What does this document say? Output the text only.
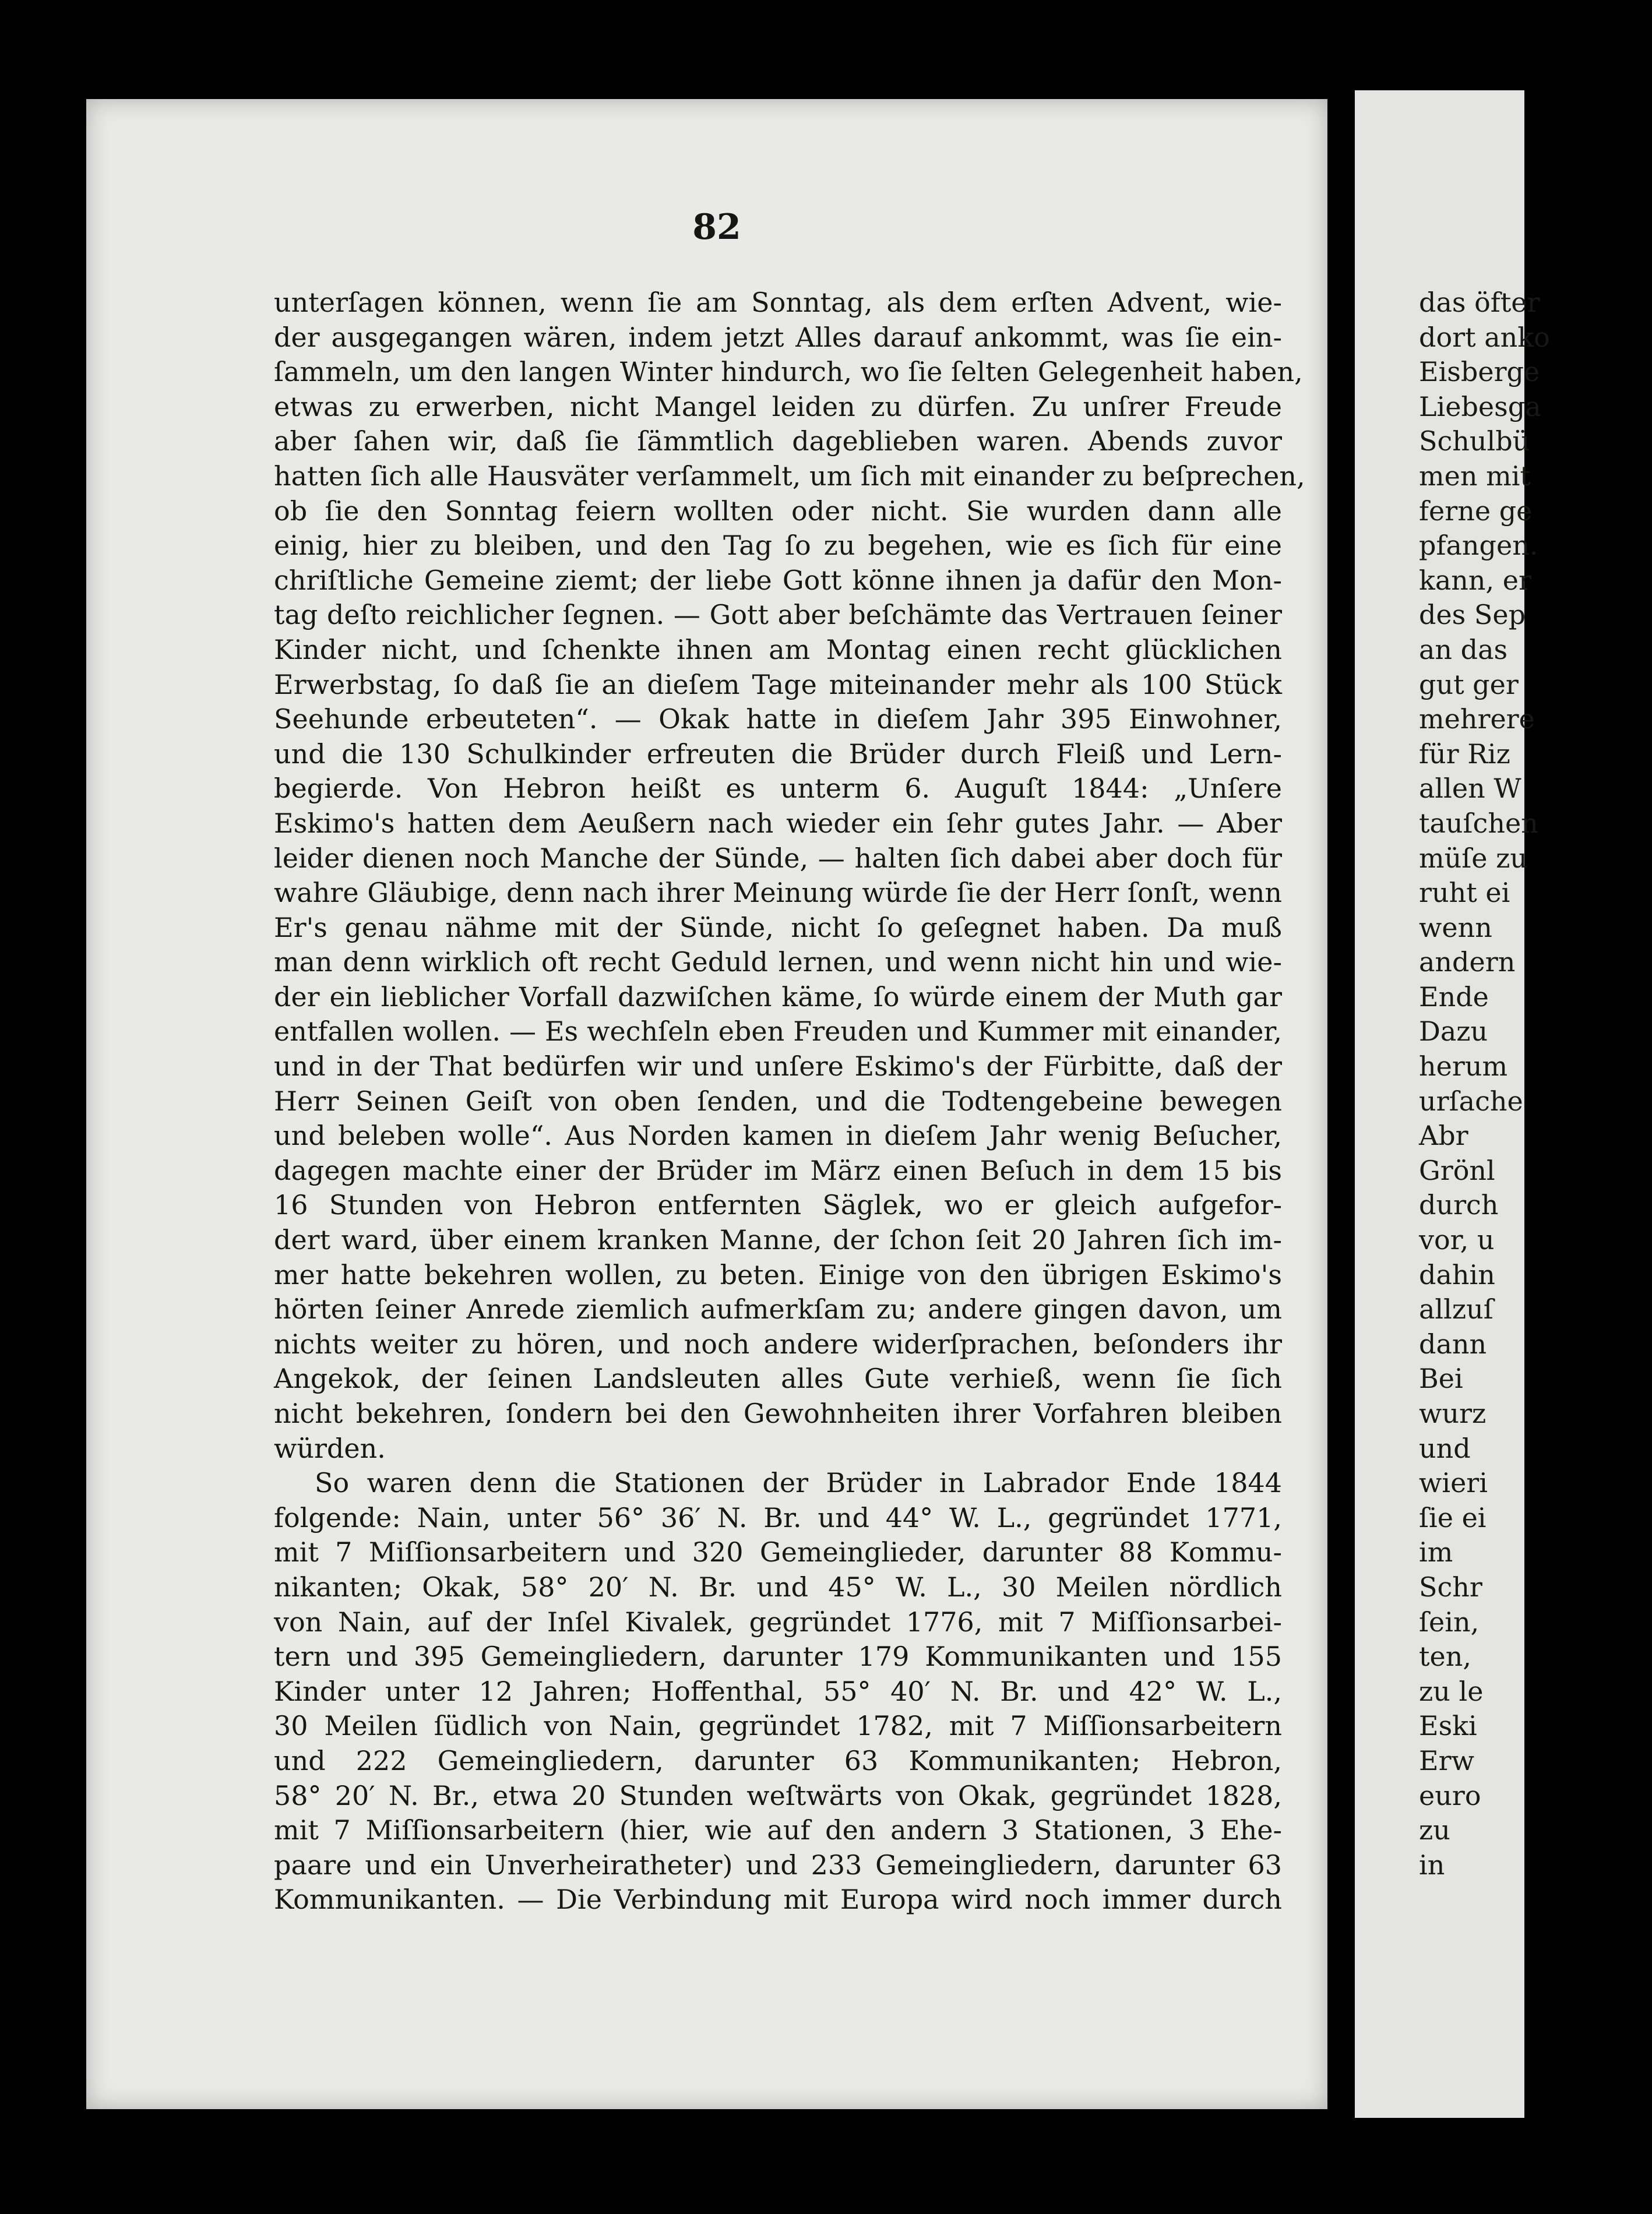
82
unterſagen können, wenn ſie am Sonntag, als dem erſten Advent, wie-
der ausgegangen wären, indem jetzt Alles darauf ankommt, was ſie ein-
ſammeln, um den langen Winter hindurch, wo ſie ſelten Gelegenheit haben,
etwas zu erwerben, nicht Mangel leiden zu dürfen. Zu unſrer Freude
aber ſahen wir, daß ſie ſämmtlich dageblieben waren. Abends zuvor
hatten ſich alle Hausväter verſammelt, um ſich mit einander zu beſprechen,
ob ſie den Sonntag feiern wollten oder nicht. Sie wurden dann alle
einig, hier zu bleiben, und den Tag ſo zu begehen, wie es ſich für eine
chriſtliche Gemeine ziemt; der liebe Gott könne ihnen ja dafür den Mon-
tag deſto reichlicher ſegnen. — Gott aber beſchämte das Vertrauen ſeiner
Kinder nicht, und ſchenkte ihnen am Montag einen recht glücklichen
Erwerbstag, ſo daß ſie an dieſem Tage miteinander mehr als 100 Stück
Seehunde erbeuteten“. — Okak hatte in dieſem Jahr 395 Einwohner,
und die 130 Schulkinder erfreuten die Brüder durch Fleiß und Lern-
begierde. Von Hebron heißt es unterm 6. Auguſt 1844: „Unſere
Eskimo's hatten dem Aeußern nach wieder ein ſehr gutes Jahr. — Aber
leider dienen noch Manche der Sünde, — halten ſich dabei aber doch für
wahre Gläubige, denn nach ihrer Meinung würde ſie der Herr ſonſt, wenn
Er's genau nähme mit der Sünde, nicht ſo geſegnet haben. Da muß
man denn wirklich oft recht Geduld lernen, und wenn nicht hin und wie-
der ein lieblicher Vorfall dazwiſchen käme, ſo würde einem der Muth gar
entfallen wollen. — Es wechſeln eben Freuden und Kummer mit einander,
und in der That bedürfen wir und unſere Eskimo's der Fürbitte, daß der
Herr Seinen Geiſt von oben ſenden, und die Todtengebeine bewegen
und beleben wolle“. Aus Norden kamen in dieſem Jahr wenig Beſucher,
dagegen machte einer der Brüder im März einen Beſuch in dem 15 bis
16 Stunden von Hebron entfernten Säglek, wo er gleich aufgefor-
dert ward, über einem kranken Manne, der ſchon ſeit 20 Jahren ſich im-
mer hatte bekehren wollen, zu beten. Einige von den übrigen Eskimo's
hörten ſeiner Anrede ziemlich aufmerkſam zu; andere gingen davon, um
nichts weiter zu hören, und noch andere widerſprachen, beſonders ihr
Angekok, der ſeinen Landsleuten alles Gute verhieß, wenn ſie ſich
nicht bekehren, ſondern bei den Gewohnheiten ihrer Vorfahren bleiben
würden.
So waren denn die Stationen der Brüder in Labrador Ende 1844
folgende: Nain, unter 56° 36′ N. Br. und 44° W. L., gegründet 1771,
mit 7 Miſſionsarbeitern und 320 Gemeinglieder, darunter 88 Kommu-
nikanten; Okak, 58° 20′ N. Br. und 45° W. L., 30 Meilen nördlich
von Nain, auf der Inſel Kivalek, gegründet 1776, mit 7 Miſſionsarbei-
tern und 395 Gemeingliedern, darunter 179 Kommunikanten und 155
Kinder unter 12 Jahren; Hoffenthal, 55° 40′ N. Br. und 42° W. L.,
30 Meilen ſüdlich von Nain, gegründet 1782, mit 7 Miſſionsarbeitern
und 222 Gemeingliedern, darunter 63 Kommunikanten; Hebron,
58° 20′ N. Br., etwa 20 Stunden weſtwärts von Okak, gegründet 1828,
mit 7 Miſſionsarbeitern (hier, wie auf den andern 3 Stationen, 3 Ehe-
paare und ein Unverheiratheter) und 233 Gemeingliedern, darunter 63
Kommunikanten. — Die Verbindung mit Europa wird noch immer durch
das öfter
dort anko
Eisberge
Liebesga
Schulbü
men mit
ferne ge
pfangen.
kann, er
des Sep
an das
gut ger
mehrere
für Riz
allen W
tauſchen
müſe zu
ruht ei
wenn
andern
Ende
Dazu
herum
urſache
Abr
Grönl
durch
vor, u
dahin
allzuſ
dann
Bei
wurz
und
wieri
ſie ei
im
Schr
ſein,
ten,
zu le
Eski
Erw
euro
zu
in
